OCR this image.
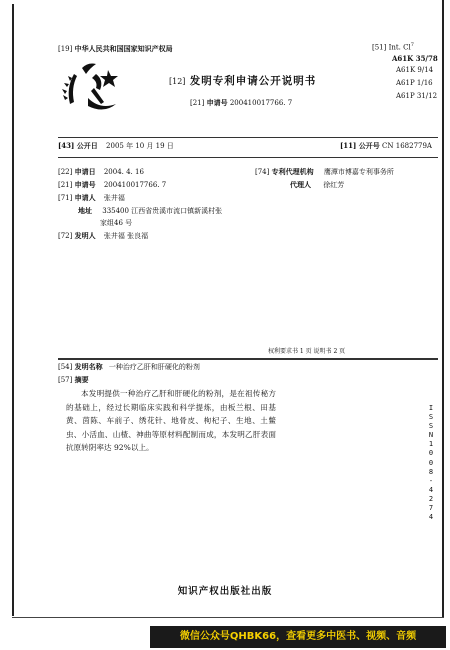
[19] 中华人民共和国国家知识产权局
[12] 发明专利申请公开说明书
[21] 申请号 200410017766. 7
[51] Int. Cl$^7$
A61K 35/78
A61K 9/14
A61P 1/16
A61P 31/12
[43] 公开日 2005 年 10 月 19 日	[11] 公开号 CN 1682779A
[22] 申请日 2004. 4. 16
[21] 申请号 200410017766. 7
[71] 申请人 张井福
地址 335400 江西省贵溪市流口镇新溪村张
家组46 号
[72] 发明人 张井福 张良福
[74] 专利代理机构 鹰潭市博嘉专利事务所
代理人 徐红芳
权利要求书 1 页 说明书 2 页
[54] 发明名称 一种治疗乙肝和肝硬化的粉剂
[57] 摘要
本发明提供一种治疗乙肝和肝硬化的粉剂，是在祖传秘方的基础上，经过长期临床实践和科学提炼，由板兰根、田基黄、茵陈、车前子、绣花针、地骨皮、枸杞子、生地、土鳖虫、小活血、山楂、神曲等原材料配制而成，本发明乙肝表面抗原转阴率达 92%以上。
I S S N 1 0 0 8 - 4 2 7 4
知识产权出版社出版
微信公众号QHBK66，查看更多中医书、视频、音频
